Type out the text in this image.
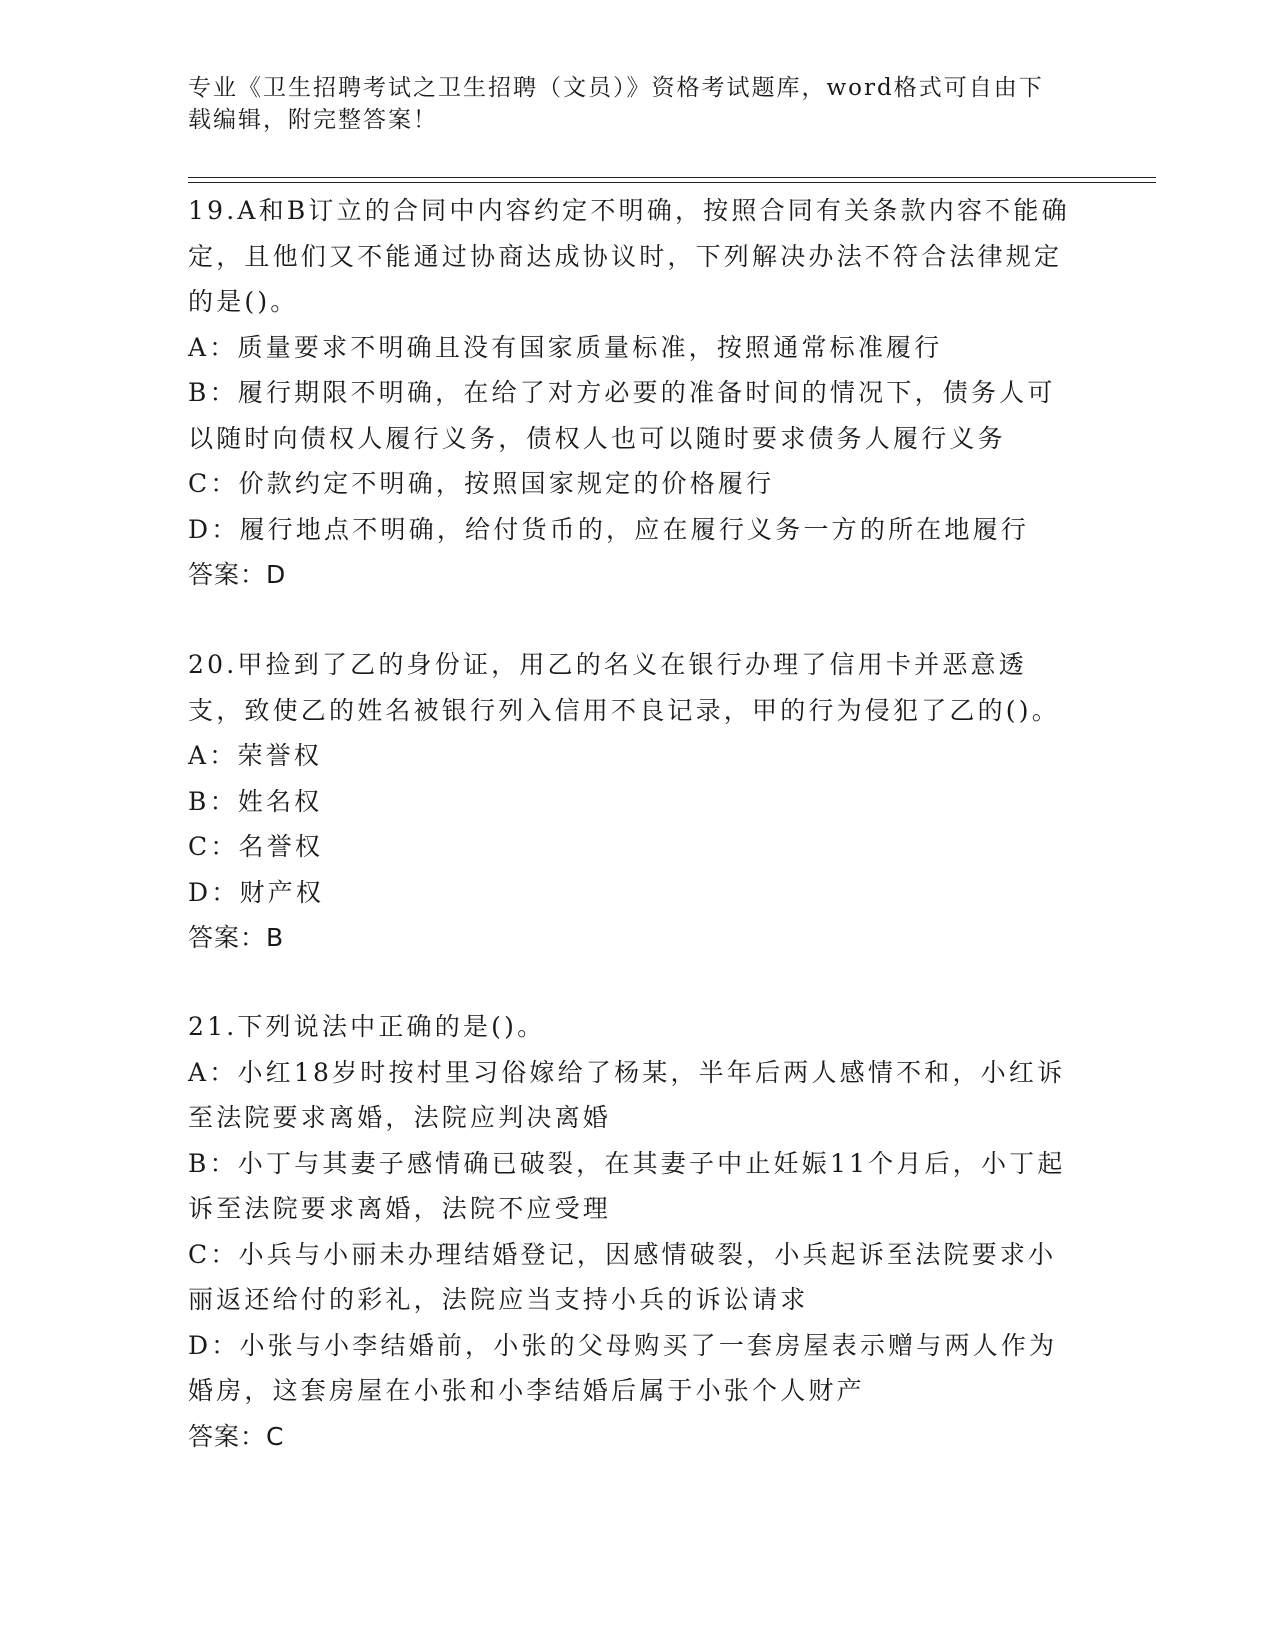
专业《卫生招聘考试之卫生招聘（文员）》资格考试题库，word格式可自由下载编辑，附完整答案！

19.A和B订立的合同中内容约定不明确，按照合同有关条款内容不能确定，且他们又不能通过协商达成协议时，下列解决办法不符合法律规定的是()。

A：质量要求不明确且没有国家质量标准，按照通常标准履行

B：履行期限不明确，在给了对方必要的准备时间的情况下，债务人可以随时向债权人履行义务，债权人也可以随时要求债务人履行义务

C：价款约定不明确，按照国家规定的价格履行

D：履行地点不明确，给付货币的，应在履行义务一方的所在地履行

答案：D

20.甲捡到了乙的身份证，用乙的名义在银行办理了信用卡并恶意透支，致使乙的姓名被银行列入信用不良记录，甲的行为侵犯了乙的()。

A：荣誉权

B：姓名权

C：名誉权

D：财产权

答案：B

21.下列说法中正确的是()。

A：小红18岁时按村里习俗嫁给了杨某，半年后两人感情不和，小红诉至法院要求离婚，法院应判决离婚

B：小丁与其妻子感情确已破裂，在其妻子中止妊娠11个月后，小丁起诉至法院要求离婚，法院不应受理

C：小兵与小丽未办理结婚登记，因感情破裂，小兵起诉至法院要求小丽返还给付的彩礼，法院应当支持小兵的诉讼请求

D：小张与小李结婚前，小张的父母购买了一套房屋表示赠与两人作为婚房，这套房屋在小张和小李结婚后属于小张个人财产

答案：C
